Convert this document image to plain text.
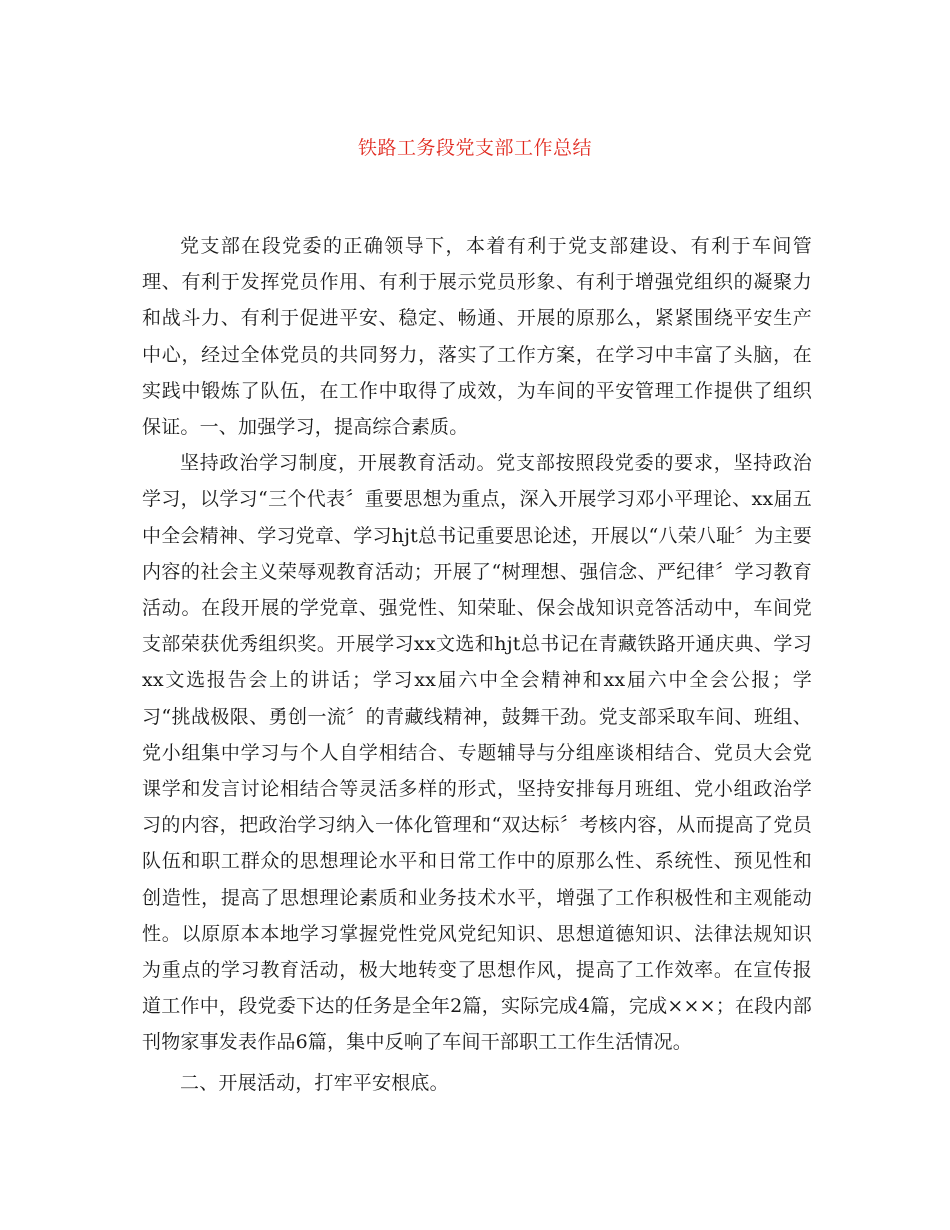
铁路工务段党支部工作总结

党支部在段党委的正确领导下，本着有利于党支部建设、有利于车间管理、有利于发挥党员作用、有利于展示党员形象、有利于增强党组织的凝聚力和战斗力、有利于促进平安、稳定、畅通、开展的原那么，紧紧围绕平安生产中心，经过全体党员的共同努力，落实了工作方案，在学习中丰富了头脑，在实践中锻炼了队伍，在工作中取得了成效，为车间的平安管理工作提供了组织保证。一、加强学习，提高综合素质。

坚持政治学习制度，开展教育活动。党支部按照段党委的要求，坚持政治学习，以学习“三个代表〞重要思想为重点，深入开展学习邓小平理论、xx届五中全会精神、学习党章、学习hjt总书记重要思论述，开展以“八荣八耻〞为主要内容的社会主义荣辱观教育活动；开展了“树理想、强信念、严纪律〞学习教育活动。在段开展的学党章、强党性、知荣耻、保会战知识竞答活动中，车间党支部荣获优秀组织奖。开展学习xx文选和hjt总书记在青藏铁路开通庆典、学习xx文选报告会上的讲话；学习xx届六中全会精神和xx届六中全会公报；学习“挑战极限、勇创一流〞的青藏线精神，鼓舞干劲。党支部采取车间、班组、党小组集中学习与个人自学相结合、专题辅导与分组座谈相结合、党员大会党课学和发言讨论相结合等灵活多样的形式，坚持安排每月班组、党小组政治学习的内容，把政治学习纳入一体化管理和“双达标〞考核内容，从而提高了党员队伍和职工群众的思想理论水平和日常工作中的原那么性、系统性、预见性和创造性，提高了思想理论素质和业务技术水平，增强了工作积极性和主观能动性。以原原本本地学习掌握党性党风党纪知识、思想道德知识、法律法规知识为重点的学习教育活动，极大地转变了思想作风，提高了工作效率。在宣传报道工作中，段党委下达的任务是全年2篇，实际完成4篇，完成×××；在段内部刊物家事发表作品6篇，集中反响了车间干部职工工作生活情况。

二、开展活动，打牢平安根底。
